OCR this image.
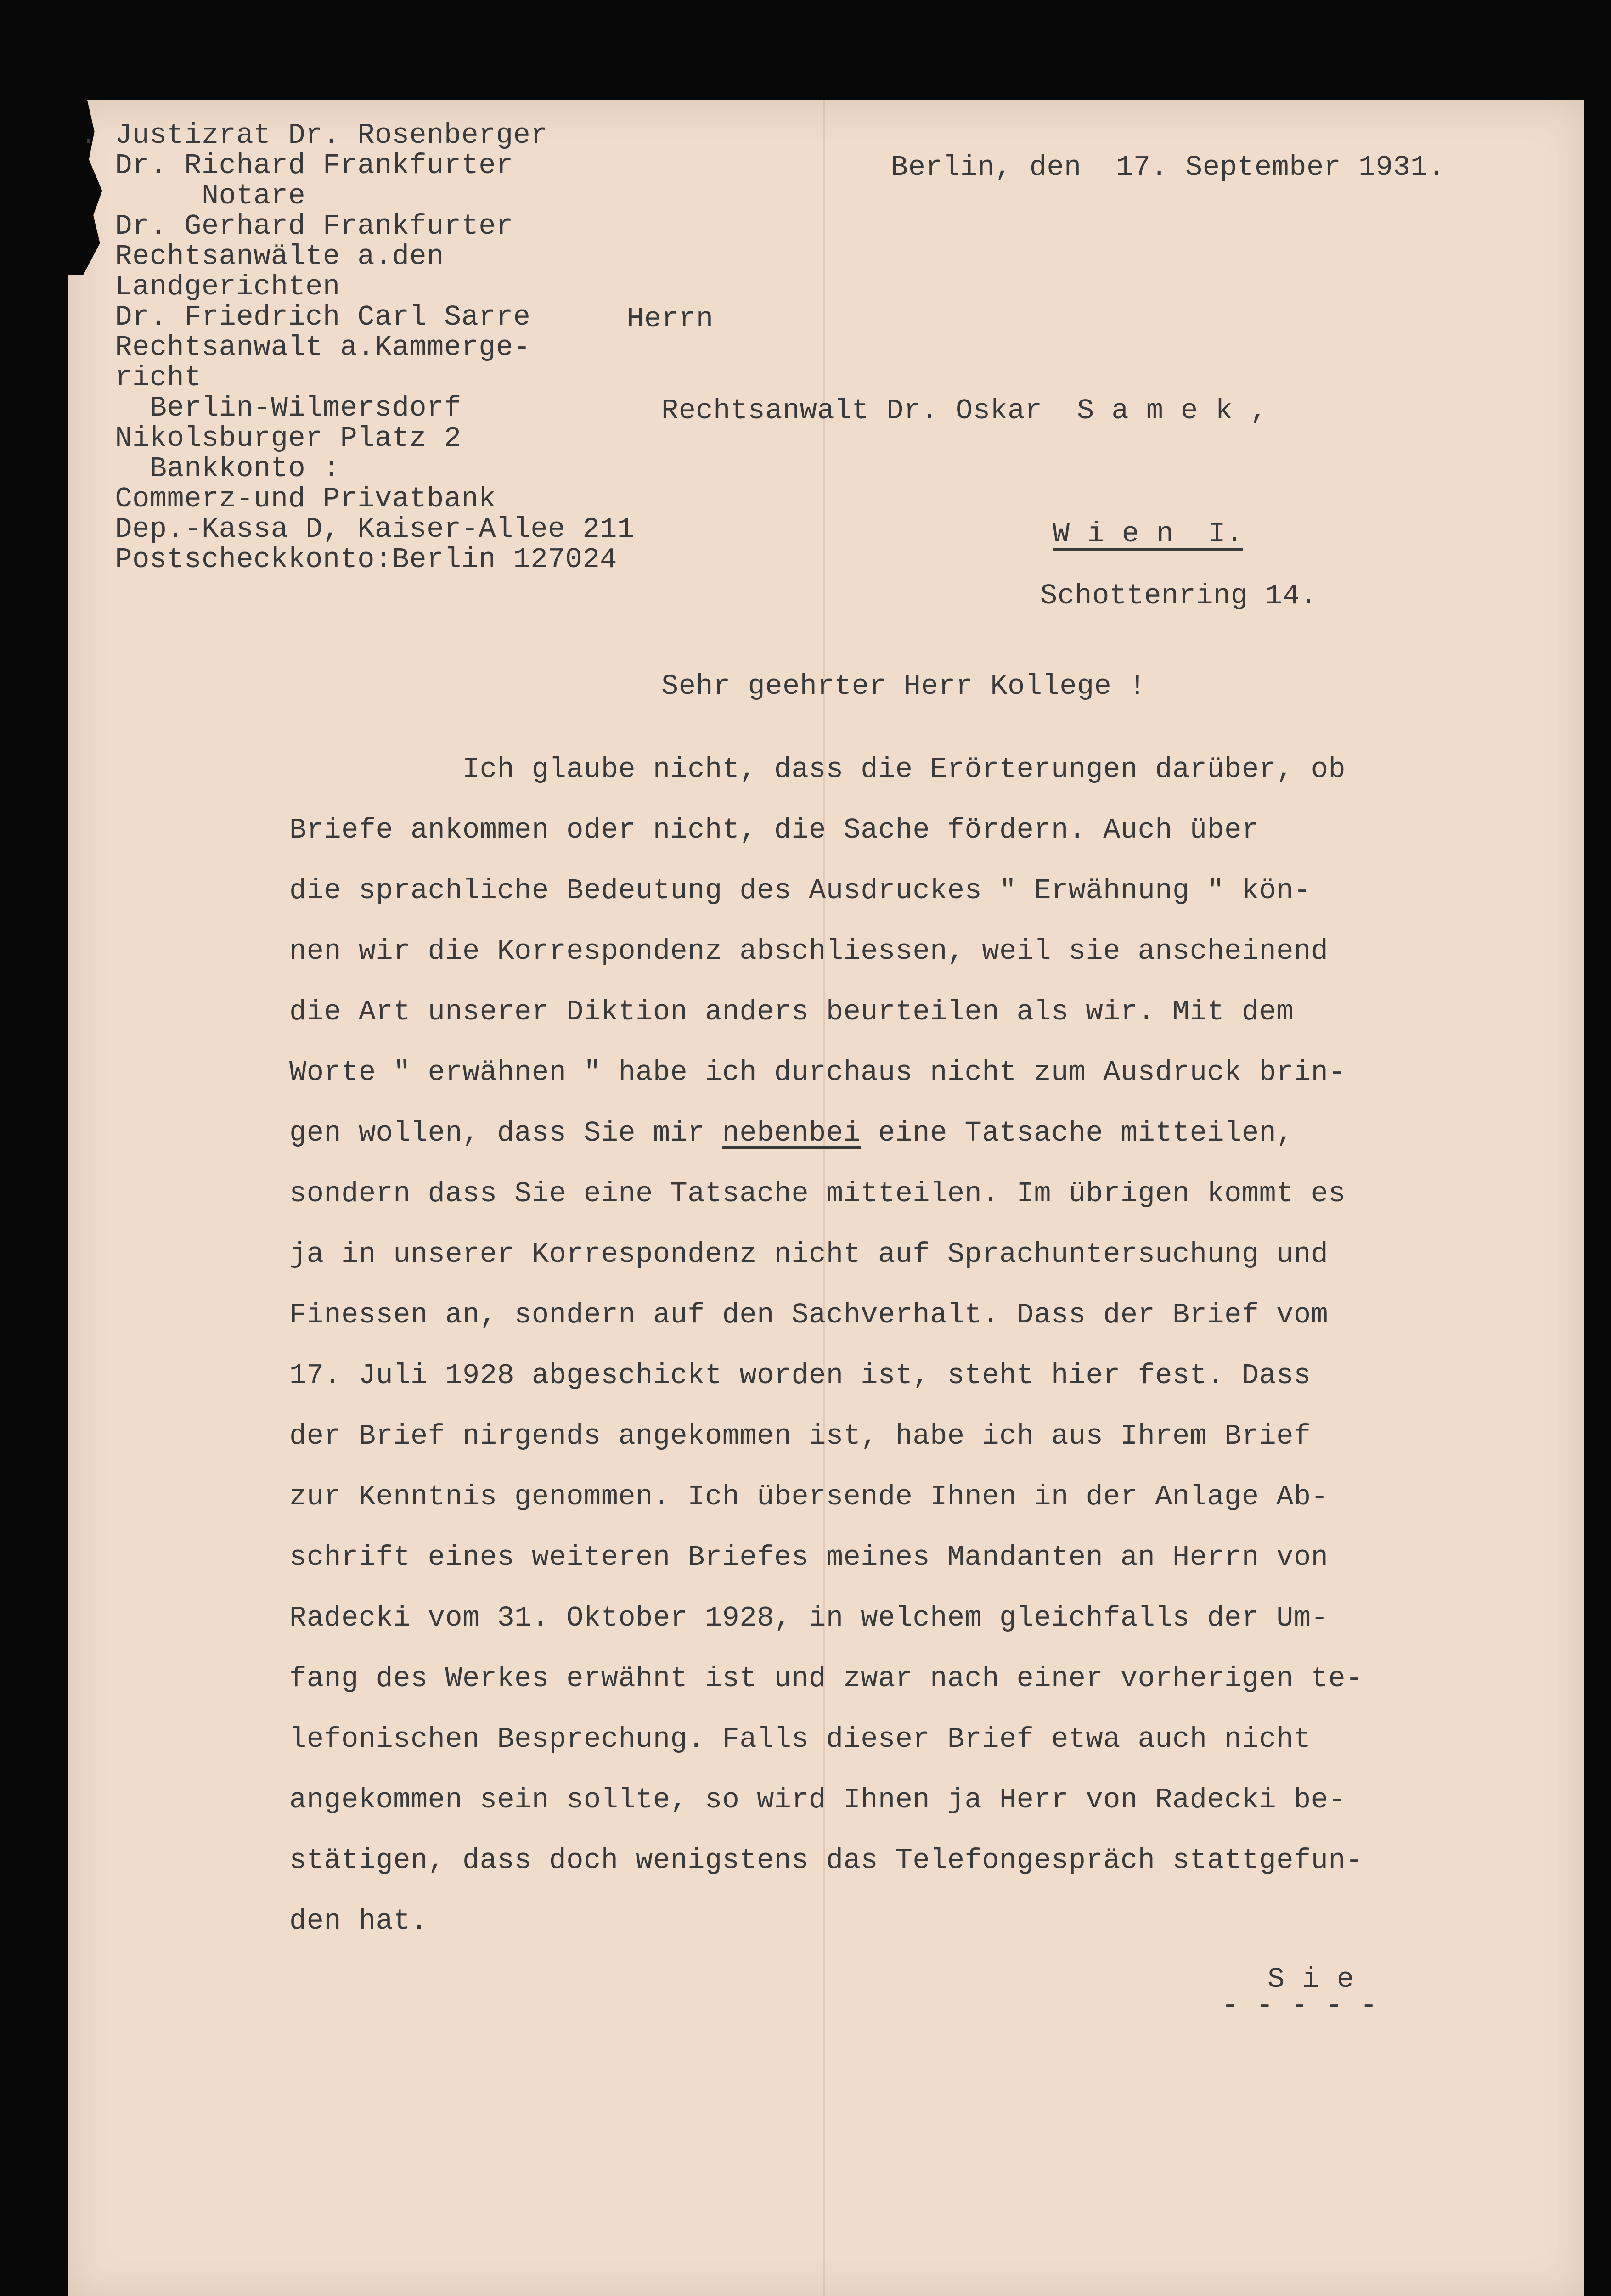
. Justizrat Dr. Rosenberger
Dr. Richard Frankfurter
Notare
Dr. Gerhard Frankfurter
Rechtsanwälte a.den
Landgerichten
Dr. Friedrich Carl Sarre
Rechtsanwalt a.Kammerge-
richt
Berlin-Wilmersdorf
Nikolsburger Platz 2
Bankkonto :
Commerz-und Privatbank
Dep.-Kassa D, Kaiser-Allee 211
Postscheckkonto:Berlin 127024
Berlin, den  17. September 1931.
Herrn
Rechtsanwalt Dr. Oskar  S a m e k ,
W i e n  I.
Schottenring 14.
Sehr geehrter Herr Kollege !
Ich glaube nicht, dass die Erörterungen darüber, ob
Briefe ankommen oder nicht, die Sache fördern. Auch über
die sprachliche Bedeutung des Ausdruckes " Erwähnung " kön-
nen wir die Korrespondenz abschliessen, weil sie anscheinend
die Art unserer Diktion anders beurteilen als wir. Mit dem
Worte " erwähnen " habe ich durchaus nicht zum Ausdruck brin-
gen wollen, dass Sie mir nebenbei eine Tatsache mitteilen,
sondern dass Sie eine Tatsache mitteilen. Im übrigen kommt es
ja in unserer Korrespondenz nicht auf Sprachuntersuchung und
Finessen an, sondern auf den Sachverhalt. Dass der Brief vom
17. Juli 1928 abgeschickt worden ist, steht hier fest. Dass
der Brief nirgends angekommen ist, habe ich aus Ihrem Brief
zur Kenntnis genommen. Ich übersende Ihnen in der Anlage Ab-
schrift eines weiteren Briefes meines Mandanten an Herrn von
Radecki vom 31. Oktober 1928, in welchem gleichfalls der Um-
fang des Werkes erwähnt ist und zwar nach einer vorherigen te-
lefonischen Besprechung. Falls dieser Brief etwa auch nicht
angekommen sein sollte, so wird Ihnen ja Herr von Radecki be-
stätigen, dass doch wenigstens das Telefongespräch stattgefun-
den hat.
S i e
- - - - -
